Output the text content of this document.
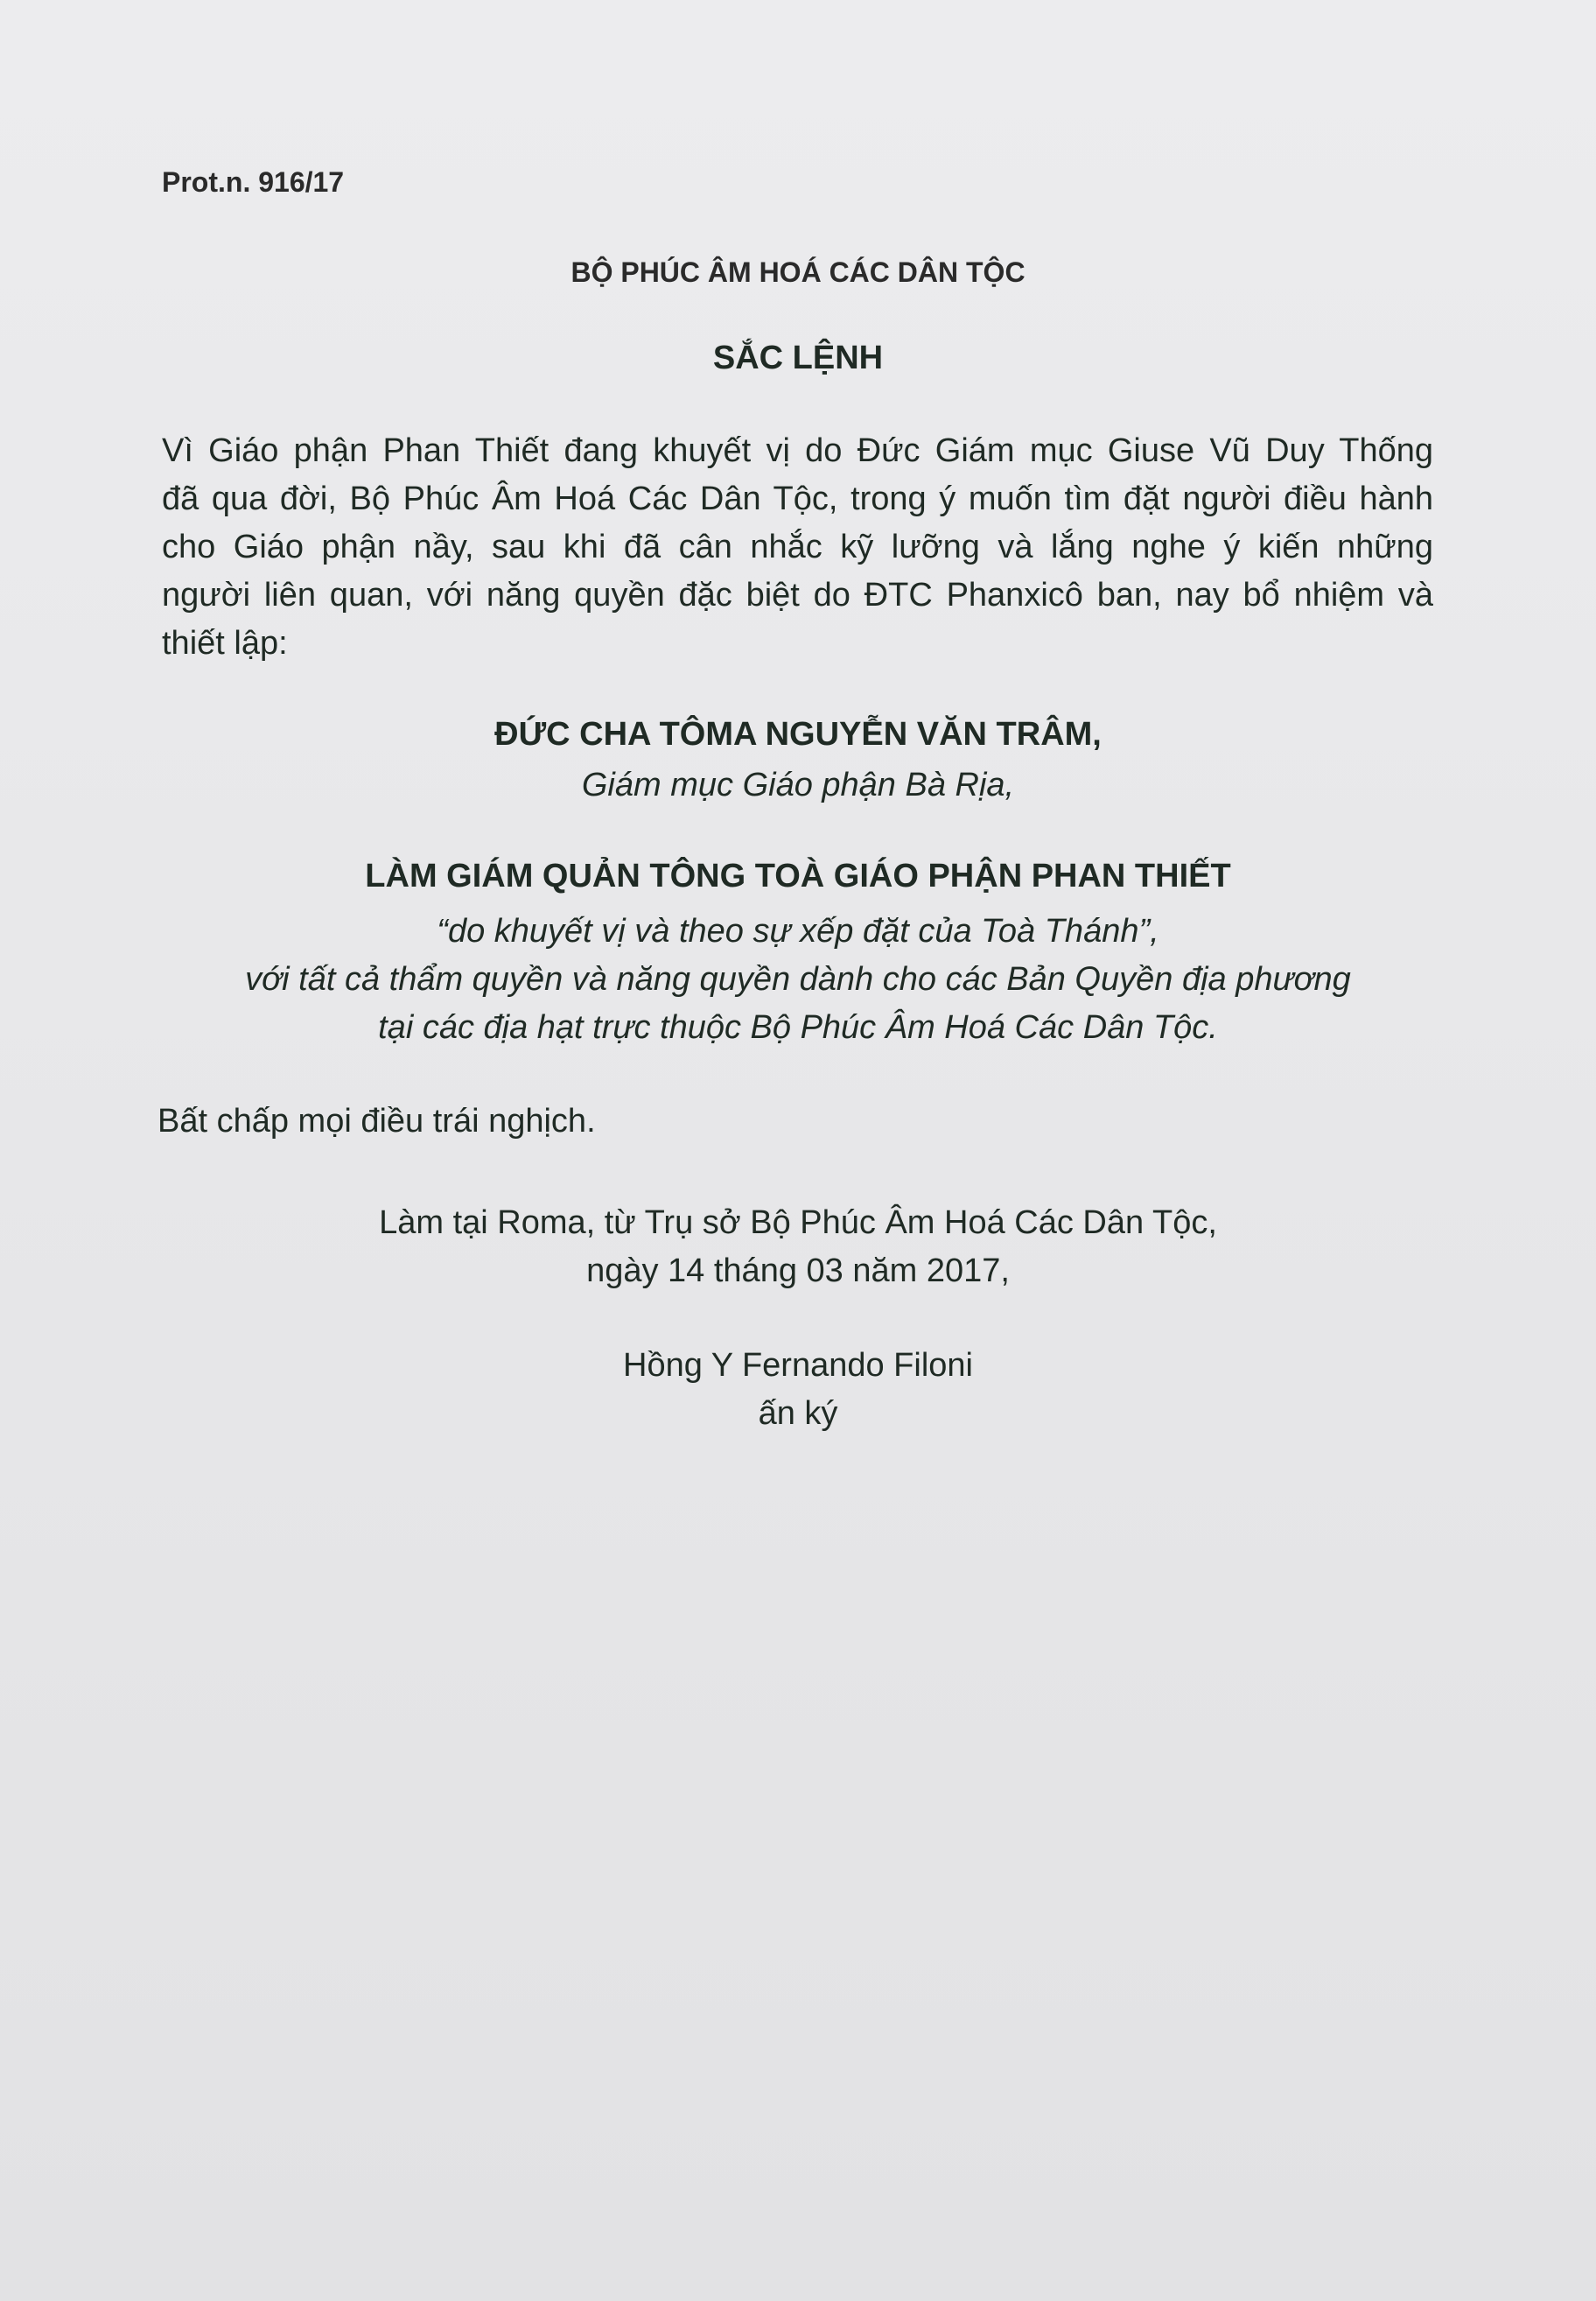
Prot.n. 916/17
BỘ PHÚC ÂM HOÁ CÁC DÂN TỘC
SẮC LỆNH
Vì Giáo phận Phan Thiết đang khuyết vị do Đức Giám mục Giuse Vũ Duy Thống
đã qua đời, Bộ Phúc Âm Hoá Các Dân Tộc, trong ý muốn tìm đặt người điều hành
cho Giáo phận nầy, sau khi đã cân nhắc kỹ lưỡng và lắng nghe ý kiến những
người liên quan, với năng quyền đặc biệt do ĐTC Phanxicô ban, nay bổ nhiệm và
thiết lập:
ĐỨC CHA TÔMA NGUYỄN VĂN TRÂM,
Giám mục Giáo phận Bà Rịa,
LÀM GIÁM QUẢN TÔNG TOÀ GIÁO PHẬN PHAN THIẾT
“do khuyết vị và theo sự xếp đặt của Toà Thánh”,
với tất cả thẩm quyền và năng quyền dành cho các Bản Quyền địa phương
tại các địa hạt trực thuộc Bộ Phúc Âm Hoá Các Dân Tộc.
Bất chấp mọi điều trái nghịch.
Làm tại Roma, từ Trụ sở Bộ Phúc Âm Hoá Các Dân Tộc,
ngày 14 tháng 03 năm 2017,
Hồng Y Fernando Filoni
ấn ký
